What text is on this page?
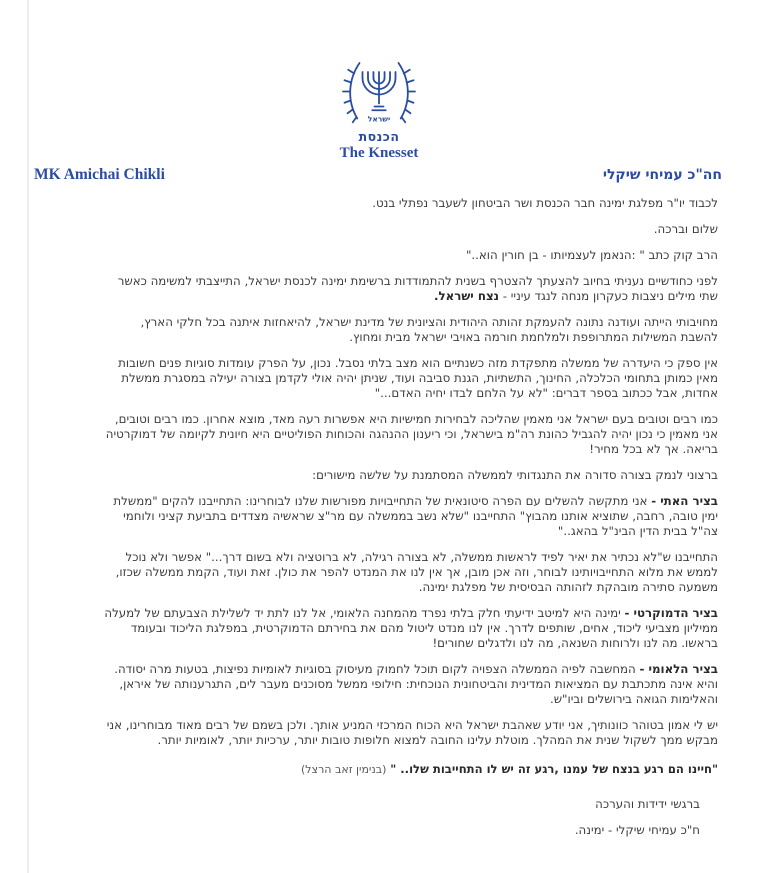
ישראל
הכנסת
The Knesset
MK Amichai Chikli	חה"כ עמיחי שיקלי

לכבוד יו"ר מפלגת ימינה חבר הכנסת ושר הביטחון לשעבר נפתלי בנט.

שלום וברכה.

הרב קוק כתב " :הנאמן לעצמיותו - בן חורין הוא.."

לפני כחודשיים נעניתי בחיוב להצעתך להצטרף בשנית להתמודדות ברשימת ימינה לכנסת ישראל, התייצבתי למשימה כאשר שתי מילים ניצבות כעקרון מנחה לנגד עיניי - נצח ישראל.

מחויבותי הייתה ועודנה נתונה להעמקת זהותה היהודית והציונית של מדינת ישראל, להיאחזות איתנה בכל חלקי הארץ, להשבת המשילות המתרופפת ולמלחמת חורמה באויבי ישראל מבית ומחוץ.

אין ספק כי היעדרה של ממשלה מתפקדת מזה כשנתיים הוא מצב בלתי נסבל. נכון, על הפרק עומדות סוגיות פנים חשובות מאין כמותן בתחומי הכלכלה, החינוך, התשתיות, הגנת סביבה ועוד, שניתן יהיה אולי לקדמן בצורה יעילה במסגרת ממשלת אחדות, אבל ככתוב בספר דברים: "לא על הלחם לבדו יחיה האדם..."

כמו רבים וטובים בעם ישראל אני מאמין שהליכה לבחירות חמישיות היא אפשרות רעה מאד, מוצא אחרון. כמו רבים וטובים, אני מאמין כי נכון יהיה להגביל כהונת רה"מ בישראל, וכי ריענון ההנהגה והכוחות הפוליטיים היא חיונית לקיומה של דמוקרטיה בריאה. אך לא בכל מחיר!

ברצוני לנמק בצורה סדורה את התנגדותי לממשלה המסתמנת על שלשה מישורים:

בציר האתי - אני מתקשה להשלים עם הפרה סיטונאית של התחייבויות מפורשות שלנו לבוחרינו: התחייבנו להקים "ממשלת ימין טובה, רחבה, שתוציא אותנו מהבוץ" התחייבנו "שלא נשב בממשלה עם מר"צ שראשיה מצדדים בתביעת קציני ולוחמי צה"ל בבית הדין הבינ"ל בהאג.."

התחייבנו ש"לא נכתיר את יאיר לפיד לראשות ממשלה, לא בצורה רגילה, לא ברוטציה ולא בשום דרך..." אפשר ולא נוכל לממש את מלוא התחייבויותינו לבוחר, וזה אכן מובן, אך אין לנו את המנדט להפר את כולן. זאת ועוד, הקמת ממשלה שכזו, משמעה סתירה מובהקת לזהותה הבסיסית של מפלגת ימינה.

בציר הדמוקרטי - ימינה היא למיטב ידיעתי חלק בלתי נפרד מהמחנה הלאומי, אל לנו לתת יד לשלילת הצבעתם של למעלה ממיליון מצביעי ליכוד, אחים, שותפים לדרך. אין לנו מנדט ליטול מהם את בחירתם הדמוקרטית, במפלגת הליכוד ובעומד בראשו. מה לנו ולרוחות השנאה, מה לנו ולדגלים שחורים!

בציר הלאומי - המחשבה לפיה הממשלה הצפויה לקום תוכל לחמוק מעיסוק בסוגיות לאומיות נפיצות, בטעות מרה יסודה. והיא אינה מתכתבת עם המציאות המדינית והביטחונית הנוכחית: חילופי ממשל מסוכנים מעבר לים, התגרענותה של איראן, והאלימות הגואה בירושלים וביו"ש.

יש לי אמון בטוהר כוונותיך, אני יודע שאהבת ישראל היא הכוח המרכזי המניע אותך. ולכן בשמם של רבים מאוד מבוחרינו, אני מבקש ממך לשקול שנית את המהלך. מוטלת עלינו החובה למצוא חלופות טובות יותר, ערכיות יותר, לאומיות יותר.

"חיינו הם רגע בנצח של עמנו ,רגע זה יש לו התחייבות שלו.. " (בנימין זאב הרצל)

ברגשי ידידות והערכה

ח"כ עמיחי שיקלי - ימינה.
